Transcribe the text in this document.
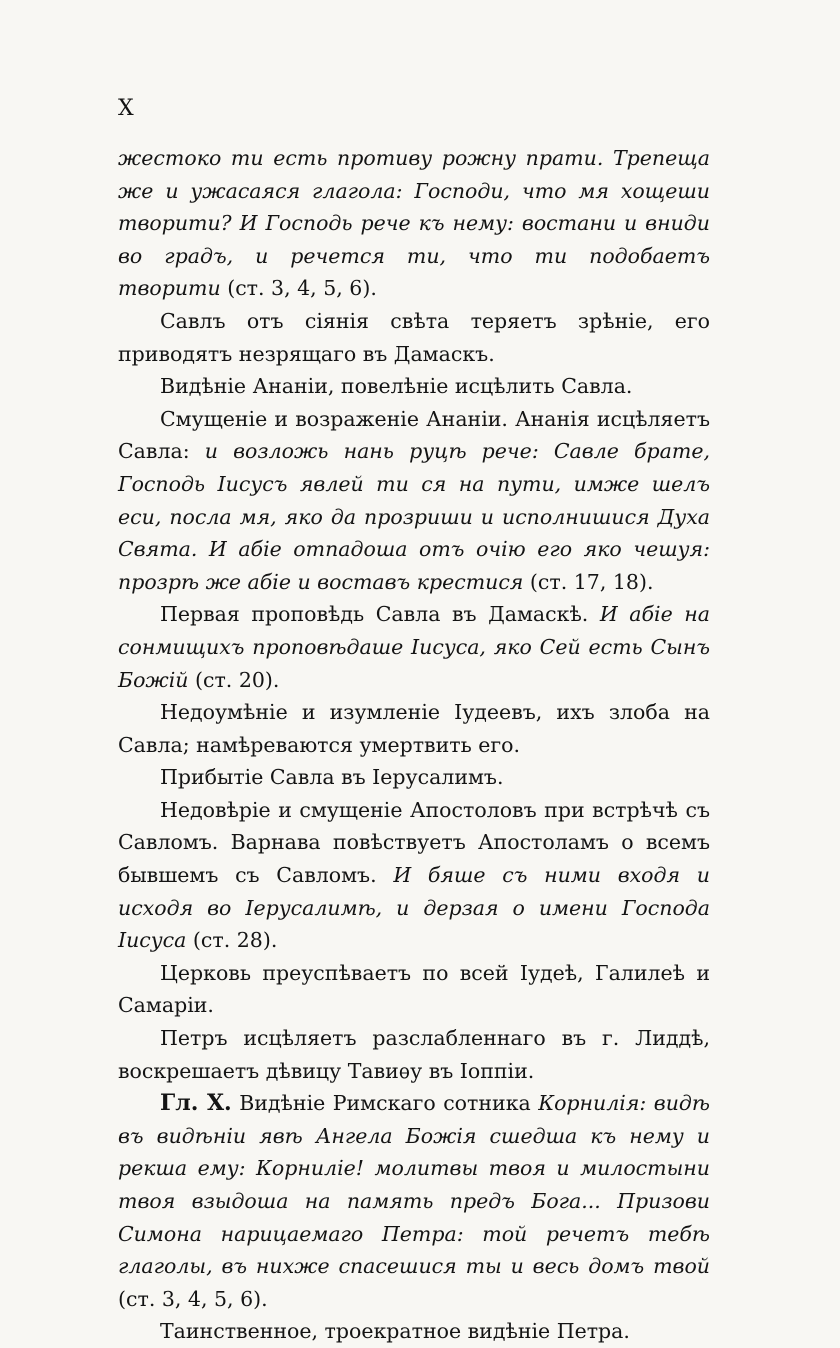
X

жестоко ти есть противу рожну прати. Трепеща же и ужасаяся глагола: Господи, что мя хощеши творити? И Господь рече къ нему: востани и вниди во градъ, и речется ти, что ти подобаетъ творити (ст. 3, 4, 5, 6).

Савлъ отъ сіянія свѣта теряетъ зрѣніе, его приводятъ незрящаго въ Дамаскъ.

Видѣніе Ананіи, повелѣніе исцѣлить Савла.

Смущеніе и возраженіе Ананіи. Ананія исцѣляетъ Савла: и возложь нань руцѣ рече: Савле брате, Господь Іисусъ явлей ти ся на пути, имже шелъ еси, посла мя, яко да прозриши и исполнишися Духа Свята. И абіе отпадоша отъ очію его яко чешуя: прозрѣ же абіе и воставъ крестися (ст. 17, 18).

Первая проповѣдь Савла въ Дамаскѣ. И абіе на сонмищихъ проповѣдаше Іисуса, яко Сей есть Сынъ Божій (ст. 20).

Недоумѣніе и изумленіе Іудеевъ, ихъ злоба на Савла; намѣреваются умертвить его.

Прибытіе Савла въ Іерусалимъ.

Недовѣріе и смущеніе Апостоловъ при встрѣчѣ съ Савломъ. Варнава повѣствуетъ Апостоламъ о всемъ бывшемъ съ Савломъ. И бяше съ ними входя и исходя во Іерусалимѣ, и дерзая о имени Господа Іисуса (ст. 28).

Церковь преуспѣваетъ по всей Іудеѣ, Галилеѣ и Самаріи.

Петръ исцѣляетъ разслабленнаго въ г. Лиддѣ, воскрешаетъ дѣвицу Тавиѳу въ Іоппіи.

Гл. X. Видѣніе Римскаго сотника Корнилія: видѣ въ видѣніи явѣ Ангела Божія сшедша къ нему и рекша ему: Корниліе! молитвы твоя и милостыни твоя взыдоша на память предъ Бога... Призови Симона нарицаемаго Петра: той речетъ тебѣ глаголы, въ нихже спасешися ты и весь домъ твой (ст. 3, 4, 5, 6).

Таинственное, троекратное видѣніе Петра.
